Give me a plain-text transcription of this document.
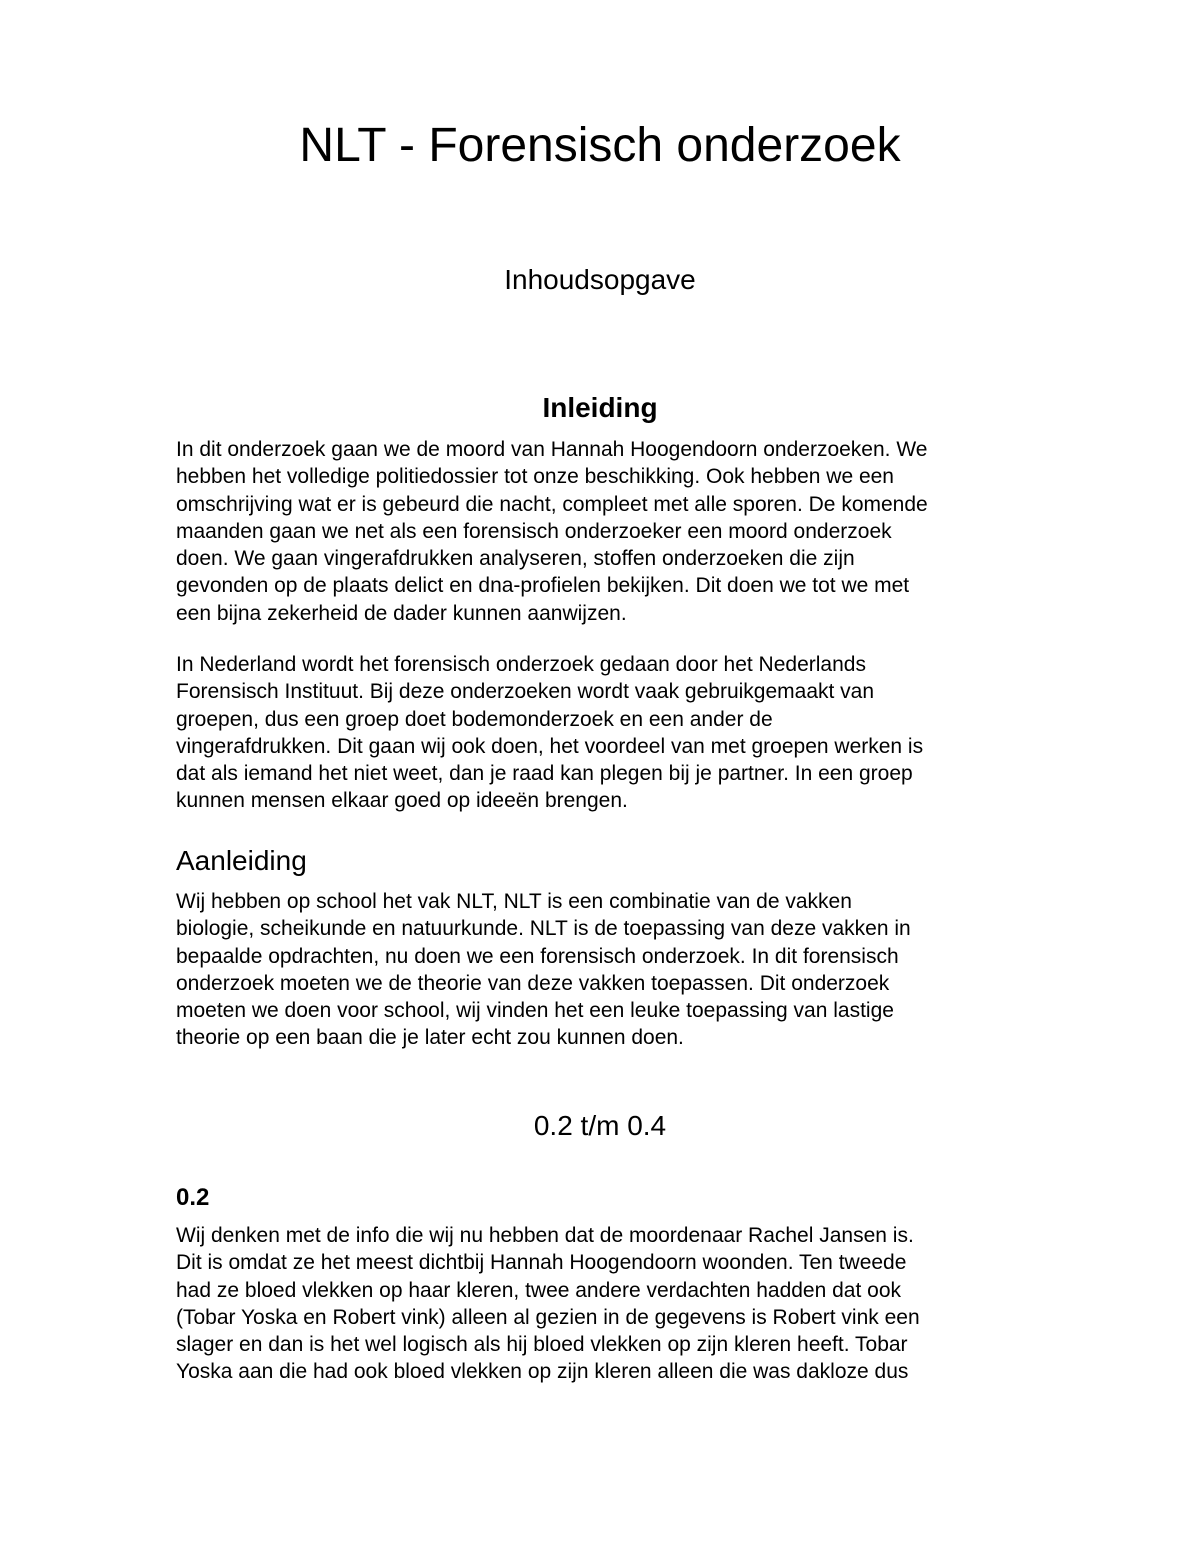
NLT - Forensisch onderzoek
Inhoudsopgave
Inleiding

In dit onderzoek gaan we de moord van Hannah Hoogendoorn onderzoeken. We
hebben het volledige politiedossier tot onze beschikking. Ook hebben we een
omschrijving wat er is gebeurd die nacht, compleet met alle sporen. De komende
maanden gaan we net als een forensisch onderzoeker een moord onderzoek
doen. We gaan vingerafdrukken analyseren, stoffen onderzoeken die zijn
gevonden op de plaats delict en dna-profielen bekijken. Dit doen we tot we met
een bijna zekerheid de dader kunnen aanwijzen.

In Nederland wordt het forensisch onderzoek gedaan door het Nederlands
Forensisch Instituut. Bij deze onderzoeken wordt vaak gebruikgemaakt van
groepen, dus een groep doet bodemonderzoek en een ander de
vingerafdrukken. Dit gaan wij ook doen, het voordeel van met groepen werken is
dat als iemand het niet weet, dan je raad kan plegen bij je partner. In een groep
kunnen mensen elkaar goed op ideeën brengen.

Aanleiding

Wij hebben op school het vak NLT, NLT is een combinatie van de vakken
biologie, scheikunde en natuurkunde. NLT is de toepassing van deze vakken in
bepaalde opdrachten, nu doen we een forensisch onderzoek. In dit forensisch
onderzoek moeten we de theorie van deze vakken toepassen. Dit onderzoek
moeten we doen voor school, wij vinden het een leuke toepassing van lastige
theorie op een baan die je later echt zou kunnen doen.

0.2 t/m 0.4
0.2

Wij denken met de info die wij nu hebben dat de moordenaar Rachel Jansen is.
Dit is omdat ze het meest dichtbij Hannah Hoogendoorn woonden. Ten tweede
had ze bloed vlekken op haar kleren, twee andere verdachten hadden dat ook
(Tobar Yoska en Robert vink) alleen al gezien in de gegevens is Robert vink een
slager en dan is het wel logisch als hij bloed vlekken op zijn kleren heeft. Tobar
Yoska aan die had ook bloed vlekken op zijn kleren alleen die was dakloze dus
